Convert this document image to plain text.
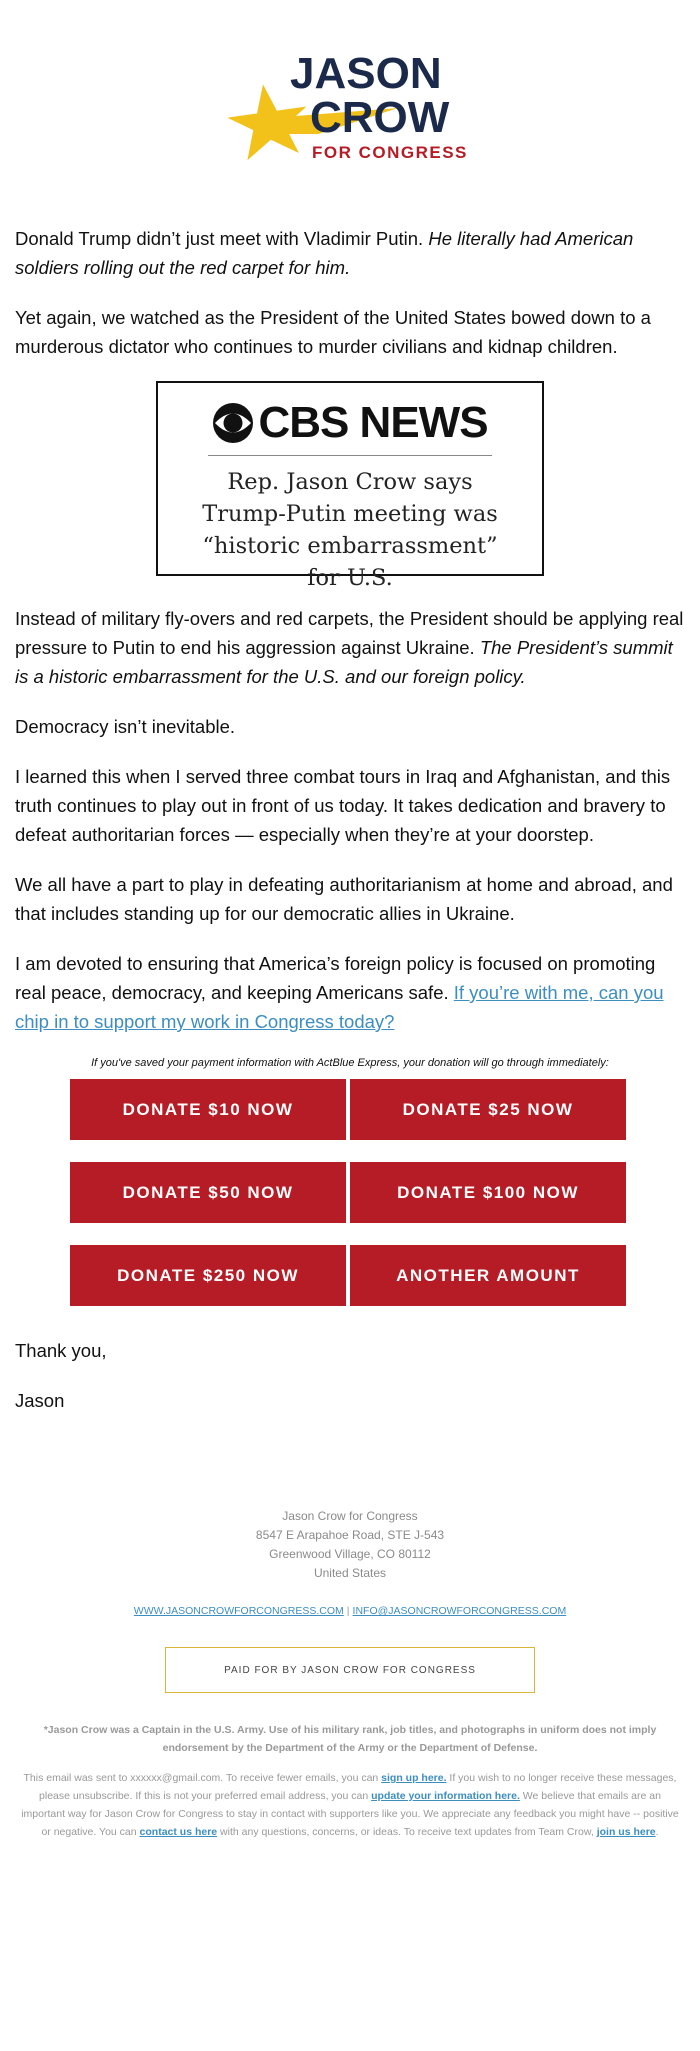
JASON
CROW
FOR CONGRESS

Donald Trump didn’t just meet with Vladimir Putin. He literally had American soldiers rolling out the red carpet for him.

Yet again, we watched as the President of the United States bowed down to a murderous dictator who continues to murder civilians and kidnap children.

CBS NEWS
Rep. Jason Crow says Trump-Putin meeting was “historic embarrassment” for U.S.

Instead of military fly-overs and red carpets, the President should be applying real pressure to Putin to end his aggression against Ukraine. The President’s summit is a historic embarrassment for the U.S. and our foreign policy.

Democracy isn’t inevitable.

I learned this when I served three combat tours in Iraq and Afghanistan, and this truth continues to play out in front of us today. It takes dedication and bravery to defeat authoritarian forces — especially when they’re at your doorstep.

We all have a part to play in defeating authoritarianism at home and abroad, and that includes standing up for our democratic allies in Ukraine.

I am devoted to ensuring that America’s foreign policy is focused on promoting real peace, democracy, and keeping Americans safe. If you’re with me, can you chip in to support my work in Congress today?

If you've saved your payment information with ActBlue Express, your donation will go through immediately:
DONATE $10 NOW	DONATE $25 NOW
DONATE $50 NOW	DONATE $100 NOW
DONATE $250 NOW	ANOTHER AMOUNT

Thank you,

Jason

Jason Crow for Congress
8547 E Arapahoe Road, STE J-543
Greenwood Village, CO 80112
United States
WWW.JASONCROWFORCONGRESS.COM | INFO@JASONCROWFORCONGRESS.COM
PAID FOR BY JASON CROW FOR CONGRESS
*Jason Crow was a Captain in the U.S. Army. Use of his military rank, job titles, and photographs in uniform does not imply endorsement by the Department of the Army or the Department of Defense.
This email was sent to xxxxxx@gmail.com. To receive fewer emails, you can sign up here. If you wish to no longer receive these messages, please unsubscribe. If this is not your preferred email address, you can update your information here. We believe that emails are an important way for Jason Crow for Congress to stay in contact with supporters like you. We appreciate any feedback you might have -- positive or negative. You can contact us here with any questions, concerns, or ideas. To receive text updates from Team Crow, join us here.
